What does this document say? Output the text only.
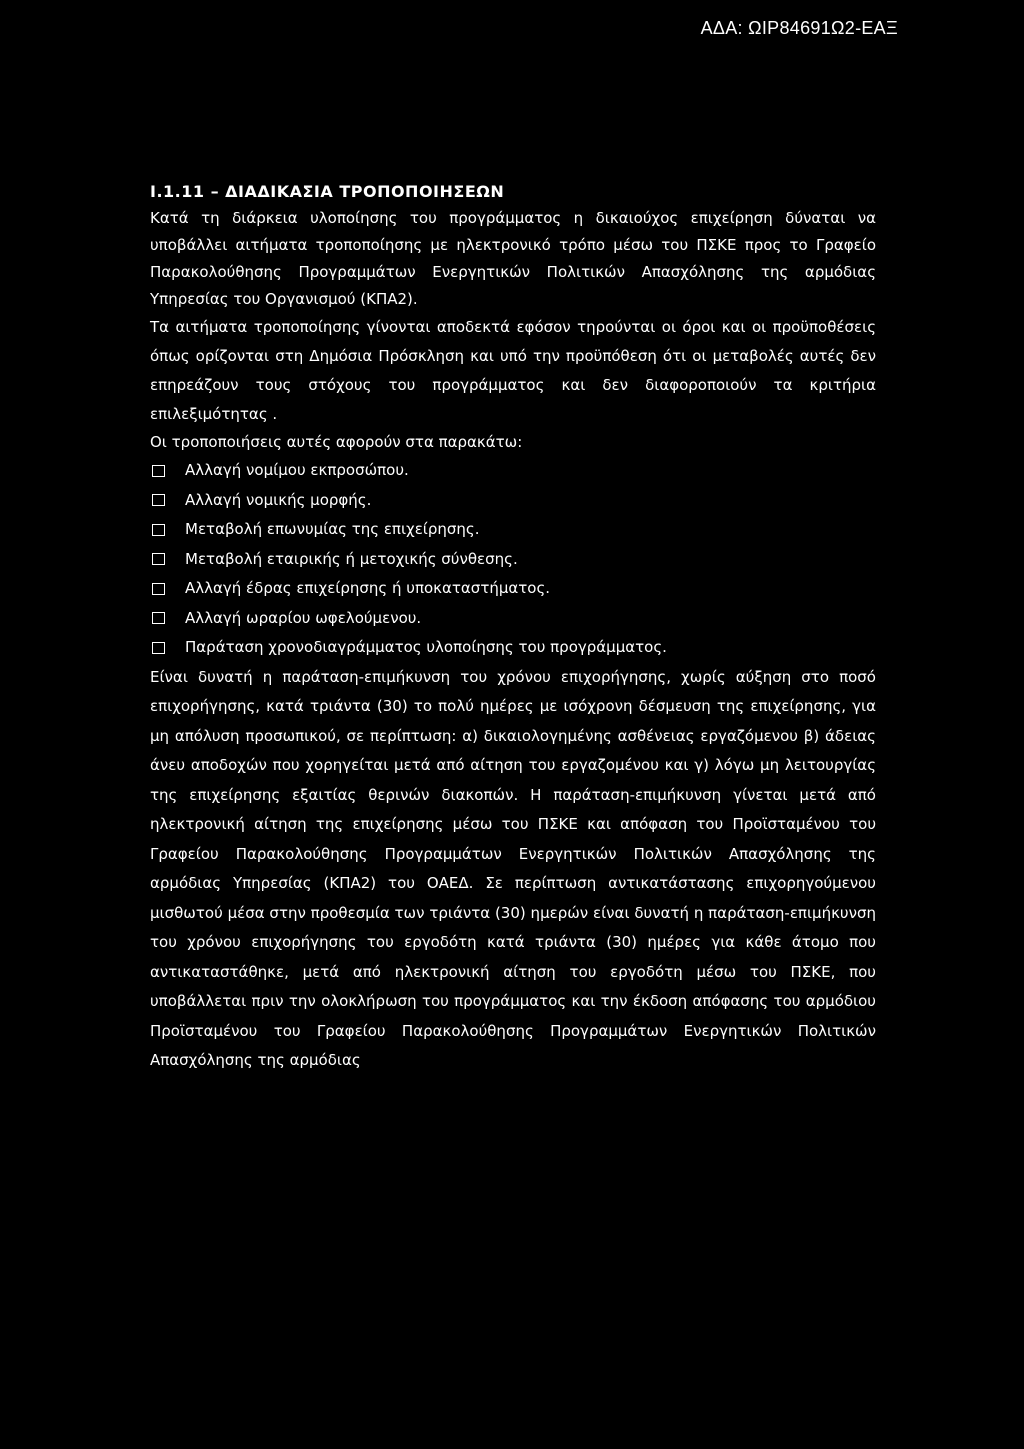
ΑΔΑ: ΩΙΡ84691Ω2-ΕΑΞ
Ι.1.11 – ΔΙΑΔΙΚΑΣΙΑ ΤΡΟΠΟΠΟΙΗΣΕΩΝ

Κατά τη διάρκεια υλοποίησης του προγράμματος η δικαιούχος επιχείρηση δύναται να υποβάλλει αιτήματα τροποποίησης με ηλεκτρονικό τρόπο μέσω του ΠΣΚΕ προς το Γραφείο Παρακολούθησης Προγραμμάτων Ενεργητικών Πολιτικών Απασχόλησης της αρμόδιας Υπηρεσίας του Οργανισμού (ΚΠΑ2).

Τα αιτήματα τροποποίησης γίνονται αποδεκτά εφόσον τηρούνται οι όροι και οι προϋποθέσεις όπως ορίζονται στη Δημόσια Πρόσκληση και υπό την προϋπόθεση ότι οι μεταβολές αυτές δεν επηρεάζουν τους στόχους του προγράμματος και δεν διαφοροποιούν τα κριτήρια επιλεξιμότητας .

Οι τροποποιήσεις αυτές αφορούν στα παρακάτω:

Αλλαγή νομίμου εκπροσώπου.
Αλλαγή νομικής μορφής.
Μεταβολή επωνυμίας της επιχείρησης.
Μεταβολή εταιρικής ή μετοχικής σύνθεσης.
Αλλαγή έδρας επιχείρησης ή υποκαταστήματος.
Αλλαγή ωραρίου ωφελούμενου.
Παράταση χρονοδιαγράμματος υλοποίησης του προγράμματος.

Είναι δυνατή η παράταση-επιμήκυνση του χρόνου επιχορήγησης, χωρίς αύξηση στο ποσό επιχορήγησης, κατά τριάντα (30) το πολύ ημέρες με ισόχρονη δέσμευση της επιχείρησης, για μη απόλυση προσωπικού, σε περίπτωση: α) δικαιολογημένης ασθένειας εργαζόμενου β) άδειας άνευ αποδοχών που χορηγείται μετά από αίτηση του εργαζομένου και γ) λόγω μη λειτουργίας της επιχείρησης εξαιτίας θερινών διακοπών. Η παράταση-επιμήκυνση γίνεται μετά από ηλεκτρονική αίτηση της επιχείρησης μέσω του ΠΣΚΕ και απόφαση του Προϊσταμένου του Γραφείου Παρακολούθησης Προγραμμάτων Ενεργητικών Πολιτικών Απασχόλησης της αρμόδιας Υπηρεσίας (ΚΠΑ2) του ΟΑΕΔ. Σε περίπτωση αντικατάστασης επιχορηγούμενου μισθωτού μέσα στην προθεσμία των τριάντα (30) ημερών είναι δυνατή η παράταση-επιμήκυνση του χρόνου επιχορήγησης του εργοδότη κατά τριάντα (30) ημέρες για κάθε άτομο που αντικαταστάθηκε, μετά από ηλεκτρονική αίτηση του εργοδότη μέσω του ΠΣΚΕ, που υποβάλλεται πριν την ολοκλήρωση του προγράμματος και την έκδοση απόφασης του αρμόδιου Προϊσταμένου του Γραφείου Παρακολούθησης Προγραμμάτων Ενεργητικών Πολιτικών Απασχόλησης της αρμόδιας
